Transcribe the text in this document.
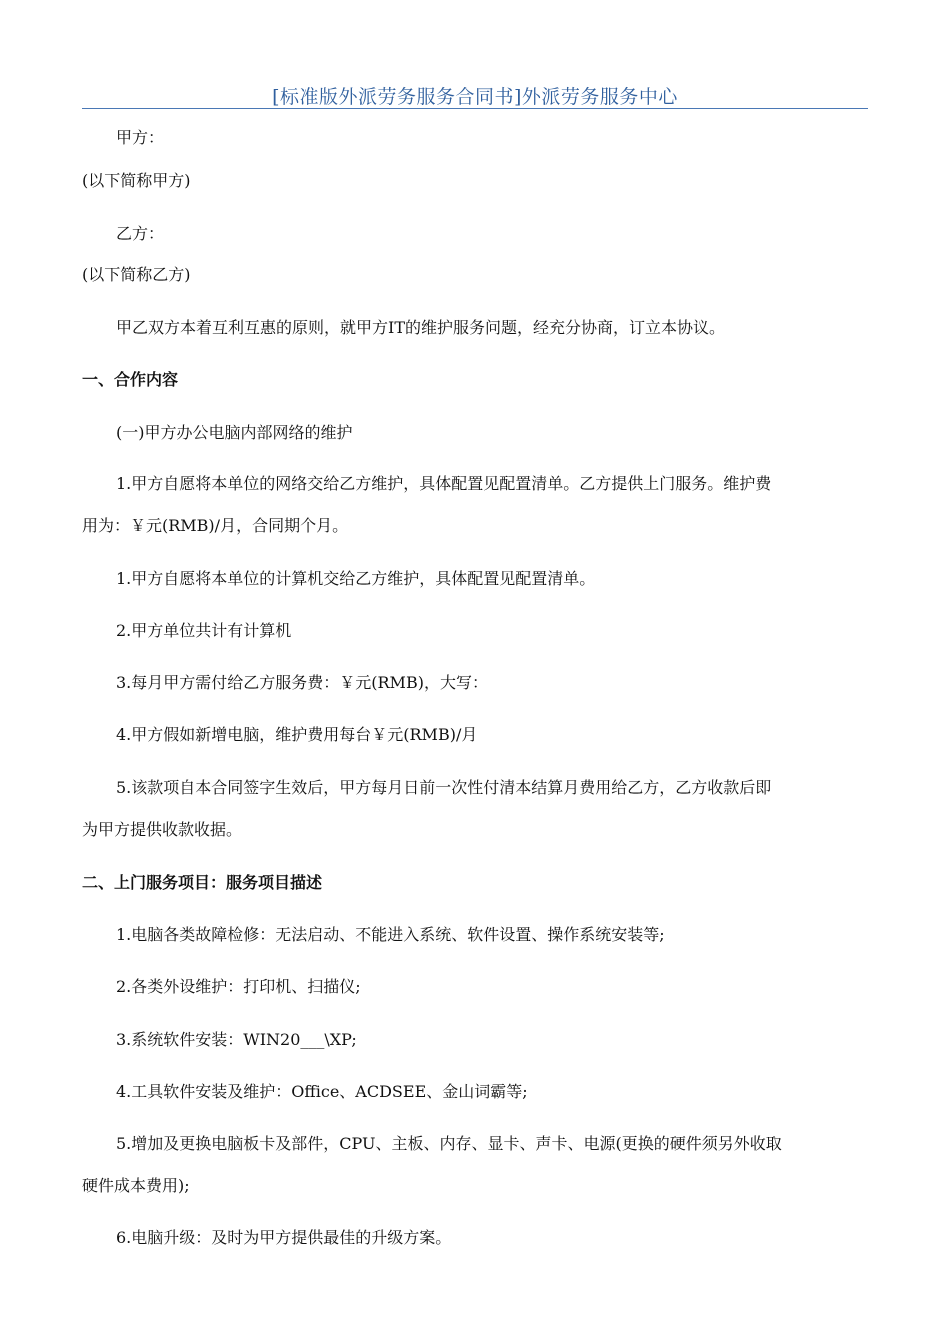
[标准版外派劳务服务合同书]外派劳务服务中心
甲方：
(以下简称甲方)
乙方：
(以下简称乙方)
甲乙双方本着互利互惠的原则，就甲方IT的维护服务问题，经充分协商，订立本协议。
一、合作内容
(一)甲方办公电脑内部网络的维护
1.甲方自愿将本单位的网络交给乙方维护，具体配置见配置清单。乙方提供上门服务。维护费
用为：￥元(RMB)/月，合同期个月。
1.甲方自愿将本单位的计算机交给乙方维护，具体配置见配置清单。
2.甲方单位共计有计算机
3.每月甲方需付给乙方服务费：￥元(RMB)，大写：
4.甲方假如新增电脑，维护费用每台￥元(RMB)/月
5.该款项自本合同签字生效后，甲方每月日前一次性付清本结算月费用给乙方，乙方收款后即
为甲方提供收款收据。
二、上门服务项目：服务项目描述
1.电脑各类故障检修：无法启动、不能进入系统、软件设置、操作系统安装等;
2.各类外设维护：打印机、扫描仪;
3.系统软件安装：WIN20___\XP;
4.工具软件安装及维护：Office、ACDSEE、金山词霸等;
5.增加及更换电脑板卡及部件，CPU、主板、内存、显卡、声卡、电源(更换的硬件须另外收取
硬件成本费用);
6.电脑升级：及时为甲方提供最佳的升级方案。
